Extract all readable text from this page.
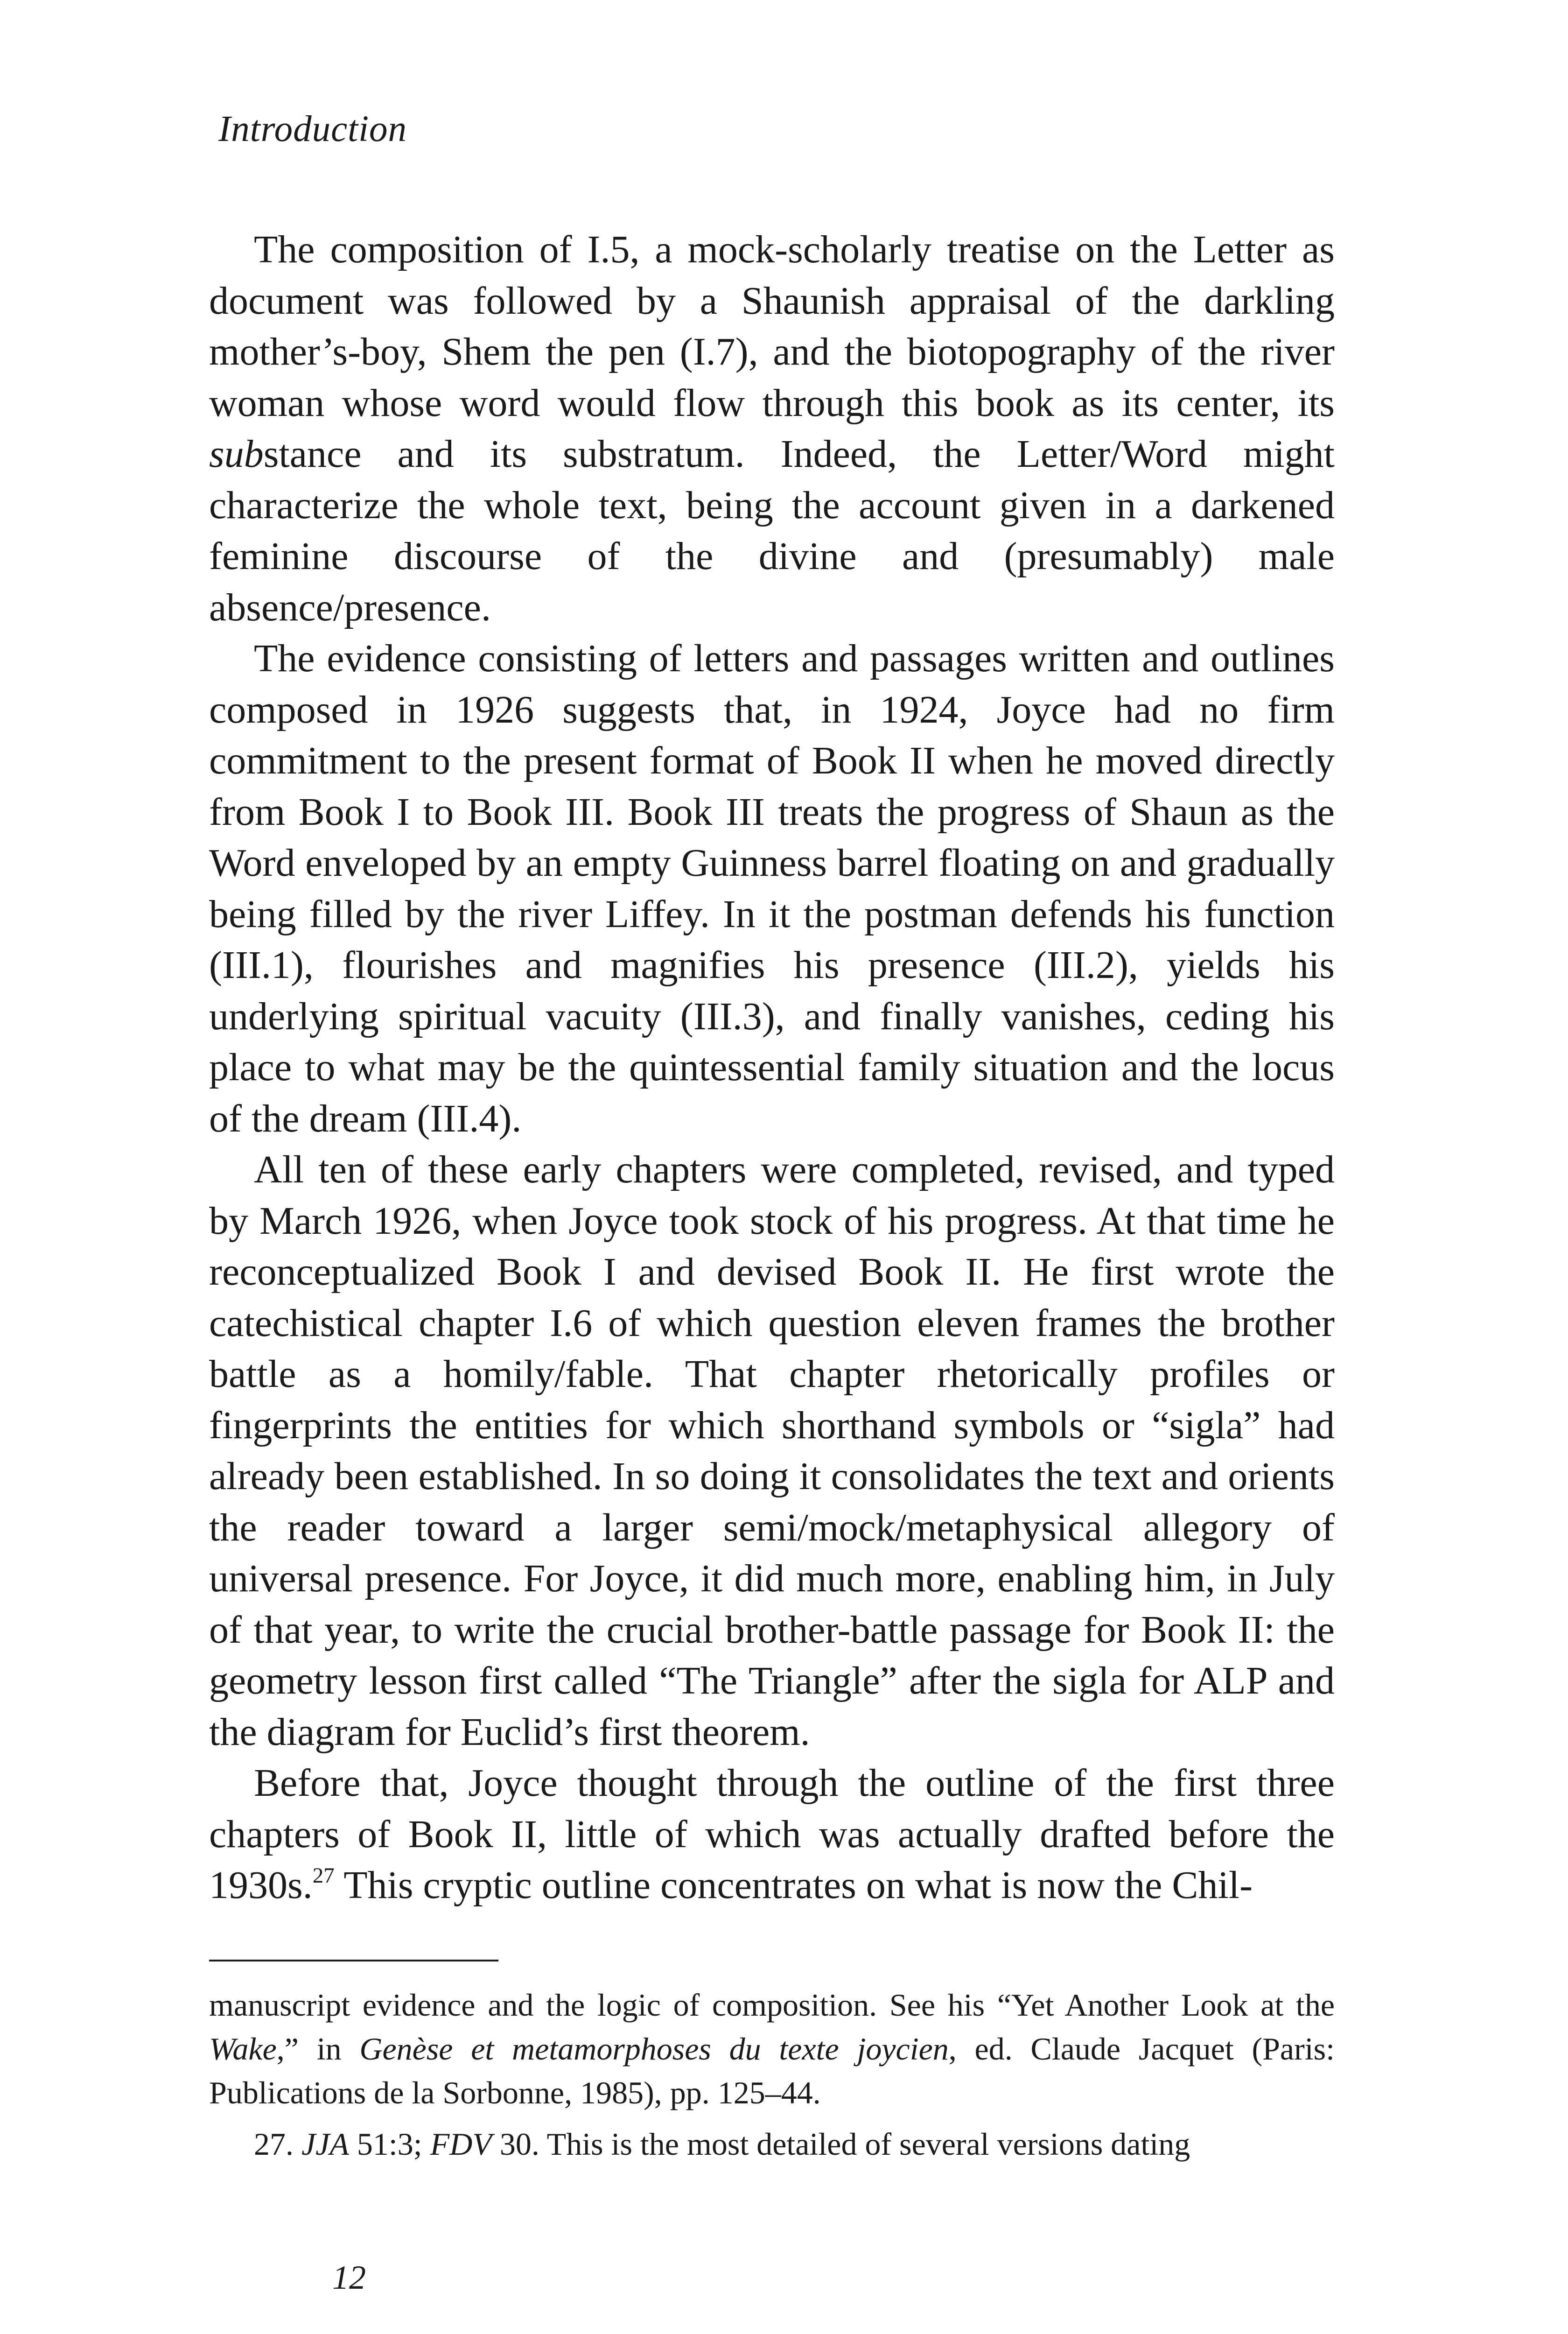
Introduction

The composition of I.5, a mock-scholarly treatise on the Letter as document was followed by a Shaunish appraisal of the darkling mother’s-boy, Shem the pen (I.7), and the biotopography of the river woman whose word would flow through this book as its center, its substance and its substratum. Indeed, the Letter/Word might characterize the whole text, being the account given in a darkened feminine discourse of the divine and (presumably) male absence/presence.

The evidence consisting of letters and passages written and outlines composed in 1926 suggests that, in 1924, Joyce had no firm commitment to the present format of Book II when he moved directly from Book I to Book III. Book III treats the progress of Shaun as the Word enveloped by an empty Guinness barrel floating on and gradually being filled by the river Liffey. In it the postman defends his function (III.1), flourishes and magnifies his presence (III.2), yields his underlying spiritual vacuity (III.3), and finally vanishes, ceding his place to what may be the quintessential family situation and the locus of the dream (III.4).

All ten of these early chapters were completed, revised, and typed by March 1926, when Joyce took stock of his progress. At that time he reconceptualized Book I and devised Book II. He first wrote the catechistical chapter I.6 of which question eleven frames the brother battle as a homily/fable. That chapter rhetorically profiles or fingerprints the entities for which shorthand symbols or “sigla” had already been established. In so doing it consolidates the text and orients the reader toward a larger semi/mock/metaphysical allegory of universal presence. For Joyce, it did much more, enabling him, in July of that year, to write the crucial brother-battle passage for Book II: the geometry lesson first called “The Triangle” after the sigla for ALP and the diagram for Euclid’s first theorem.

Before that, Joyce thought through the outline of the first three chapters of Book II, little of which was actually drafted before the 1930s.$^{27}$ This cryptic outline concentrates on what is now the Chil-

manuscript evidence and the logic of composition. See his “Yet Another Look at the Wake,” in Genèse et metamorphoses du texte joycien, ed. Claude Jacquet (Paris: Publications de la Sorbonne, 1985), pp. 125–44.

27. JJA 51:3; FDV 30. This is the most detailed of several versions dating

12
